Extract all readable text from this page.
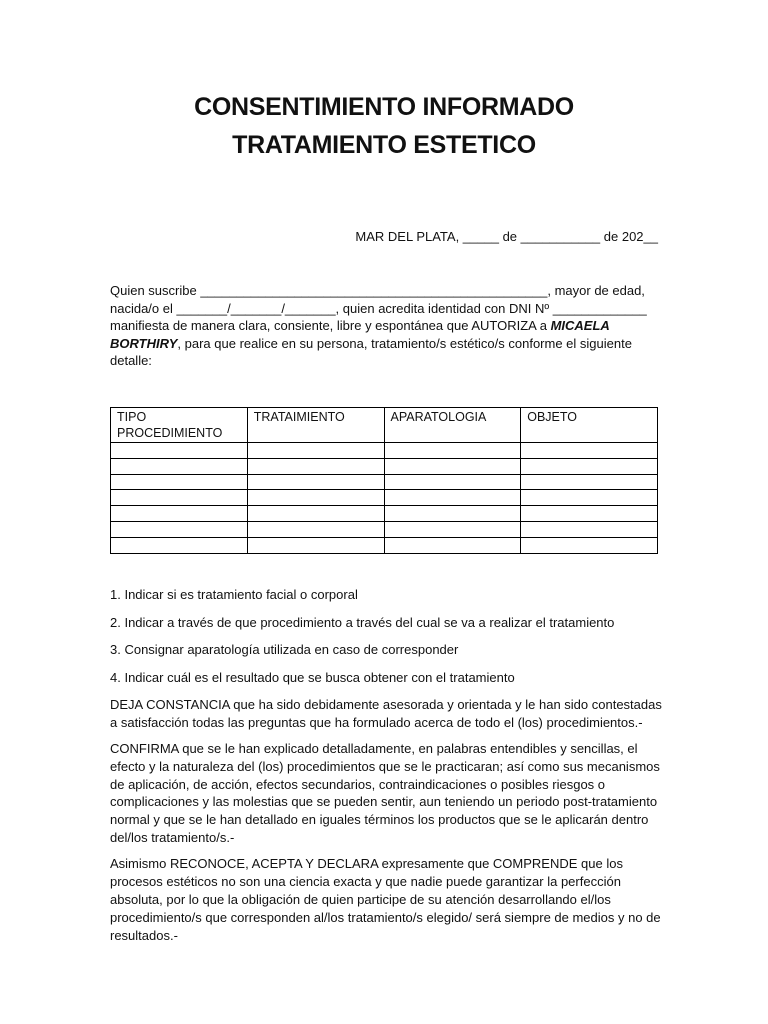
CONSENTIMIENTO INFORMADO
TRATAMIENTO ESTETICO
MAR DEL PLATA, _____ de ___________ de 202__
Quien suscribe ________________________________________________, mayor de edad, nacida/o el _______/_______/_______, quien acredita identidad con DNI Nº _____________ manifiesta de manera clara, consiente, libre y espontánea que AUTORIZA a MICAELA BORTHIRY, para que realice en su persona, tratamiento/s estético/s conforme el siguiente detalle:
TIPO PROCEDIMIENTO	TRATAIMIENTO	APARATOLOGIA	OBJETO

1. Indicar si es tratamiento facial o corporal

2. Indicar a través de que procedimiento a través del cual se va a realizar el tratamiento

3. Consignar aparatología utilizada en caso de corresponder

4. Indicar cuál es el resultado que se busca obtener con el tratamiento

DEJA CONSTANCIA que ha sido debidamente asesorada y orientada y le han sido contestadas a satisfacción todas las preguntas que ha formulado acerca de todo el (los) procedimientos.-

CONFIRMA que se le han explicado detalladamente, en palabras entendibles y sencillas, el efecto y la naturaleza del (los) procedimientos que se le practicaran; así como sus mecanismos de aplicación, de acción, efectos secundarios, contraindicaciones o posibles riesgos o complicaciones y las molestias que se pueden sentir, aun teniendo un periodo post-tratamiento normal y que se le han detallado en iguales términos los productos que se le aplicarán dentro del/los tratamiento/s.-

Asimismo RECONOCE, ACEPTA Y DECLARA expresamente que COMPRENDE que los procesos estéticos no son una ciencia exacta y que nadie puede garantizar la perfección absoluta, por lo que la obligación de quien participe de su atención desarrollando el/los procedimiento/s que corresponden al/los tratamiento/s elegido/ será siempre de medios y no de resultados.-
